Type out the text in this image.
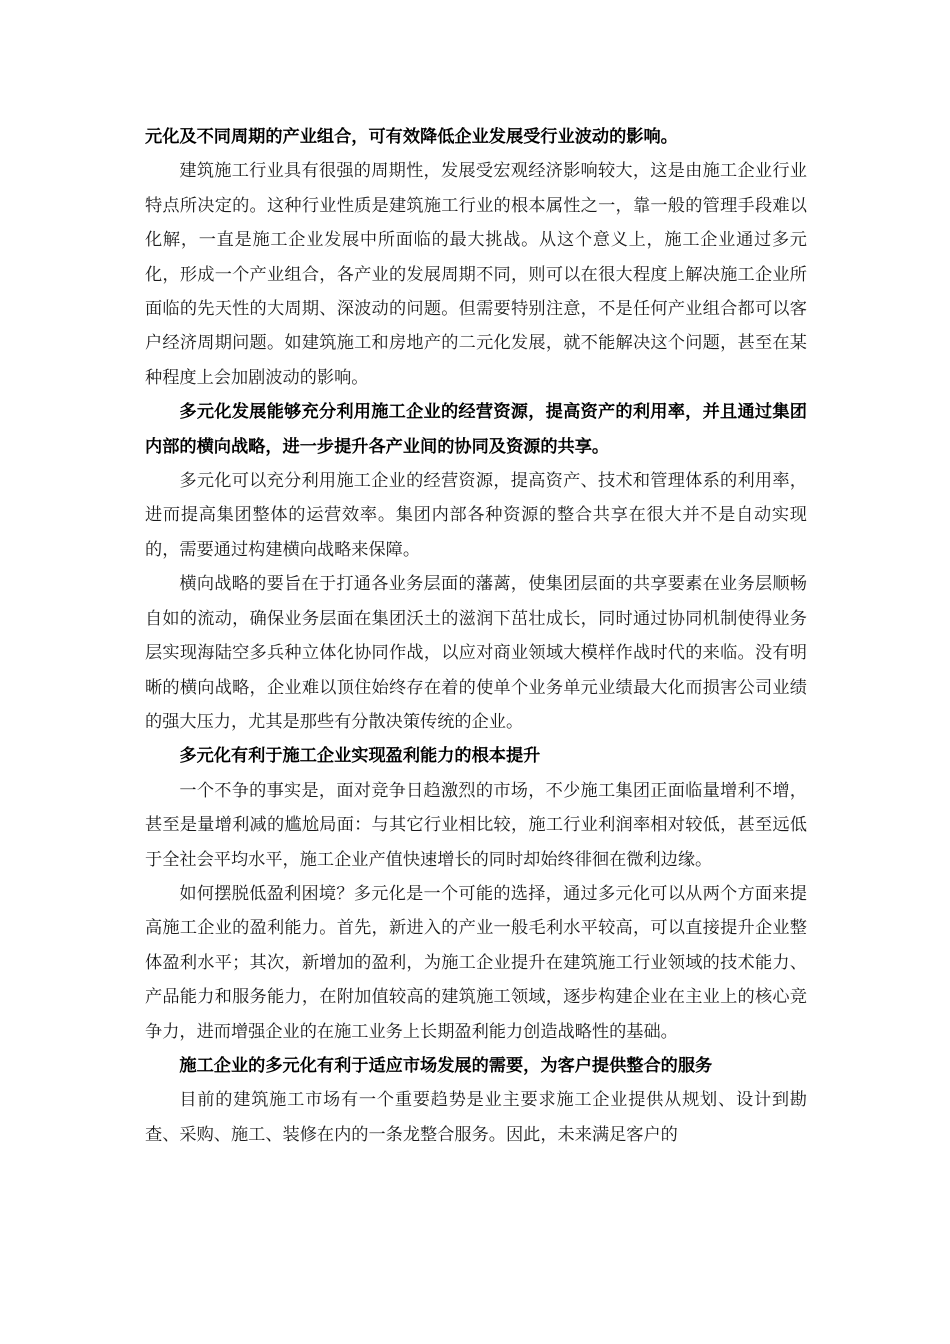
元化及不同周期的产业组合，可有效降低企业发展受行业波动的影响。

建筑施工行业具有很强的周期性，发展受宏观经济影响较大，这是由施工企业行业特点所决定的。这种行业性质是建筑施工行业的根本属性之一，靠一般的管理手段难以化解，一直是施工企业发展中所面临的最大挑战。从这个意义上，施工企业通过多元化，形成一个产业组合，各产业的发展周期不同，则可以在很大程度上解决施工企业所面临的先天性的大周期、深波动的问题。但需要特别注意，不是任何产业组合都可以客户经济周期问题。如建筑施工和房地产的二元化发展，就不能解决这个问题，甚至在某种程度上会加剧波动的影响。

多元化发展能够充分利用施工企业的经营资源，提高资产的利用率，并且通过集团内部的横向战略，进一步提升各产业间的协同及资源的共享。

多元化可以充分利用施工企业的经营资源，提高资产、技术和管理体系的利用率，进而提高集团整体的运营效率。集团内部各种资源的整合共享在很大并不是自动实现的，需要通过构建横向战略来保障。

横向战略的要旨在于打通各业务层面的藩蓠，使集团层面的共享要素在业务层顺畅自如的流动，确保业务层面在集团沃土的滋润下茁壮成长，同时通过协同机制使得业务层实现海陆空多兵种立体化协同作战，以应对商业领域大模样作战时代的来临。没有明晰的横向战略，企业难以顶住始终存在着的使单个业务单元业绩最大化而损害公司业绩的强大压力，尤其是那些有分散决策传统的企业。

多元化有利于施工企业实现盈利能力的根本提升

一个不争的事实是，面对竞争日趋激烈的市场，不少施工集团正面临量增利不增，甚至是量增利减的尴尬局面：与其它行业相比较，施工行业利润率相对较低，甚至远低于全社会平均水平，施工企业产值快速增长的同时却始终徘徊在微利边缘。

如何摆脱低盈利困境？多元化是一个可能的选择，通过多元化可以从两个方面来提高施工企业的盈利能力。首先，新进入的产业一般毛利水平较高，可以直接提升企业整体盈利水平；其次，新增加的盈利，为施工企业提升在建筑施工行业领域的技术能力、产品能力和服务能力，在附加值较高的建筑施工领域，逐步构建企业在主业上的核心竞争力，进而增强企业的在施工业务上长期盈利能力创造战略性的基础。

施工企业的多元化有利于适应市场发展的需要，为客户提供整合的服务

目前的建筑施工市场有一个重要趋势是业主要求施工企业提供从规划、设计到勘查、采购、施工、装修在内的一条龙整合服务。因此，未来满足客户的
